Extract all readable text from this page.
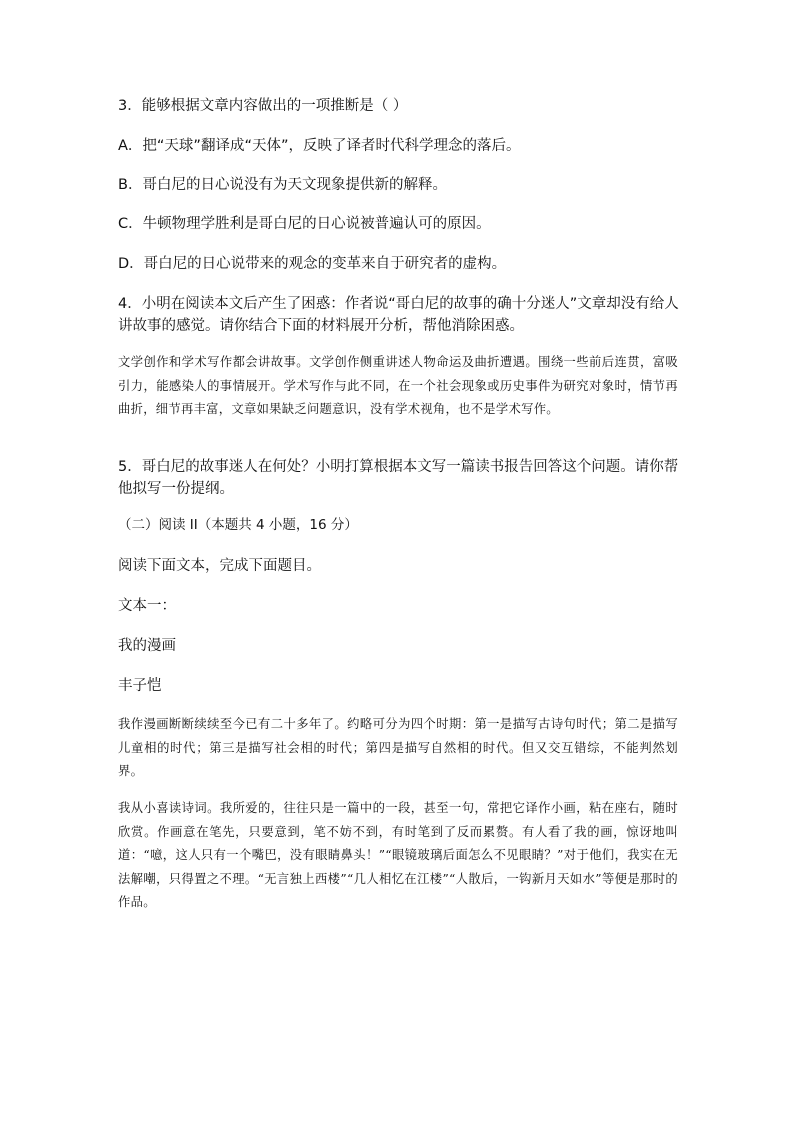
3．能够根据文章内容做出的一项推断是（ ）
A．把“天球”翻译成“天体”，反映了译者时代科学理念的落后。
B．哥白尼的日心说没有为天文现象提供新的解释。
C．牛顿物理学胜利是哥白尼的日心说被普遍认可的原因。
D．哥白尼的日心说带来的观念的变革来自于研究者的虚构。

4．小明在阅读本文后产生了困惑：作者说“哥白尼的故事的确十分迷人”文章却没有给人讲故事的感觉。请你结合下面的材料展开分析，帮他消除困惑。

文学创作和学术写作都会讲故事。文学创作侧重讲述人物命运及曲折遭遇。围绕一些前后连贯，富吸引力，能感染人的事情展开。学术写作与此不同，在一个社会现象或历史事件为研究对象时，情节再曲折，细节再丰富，文章如果缺乏问题意识，没有学术视角，也不是学术写作。

5．哥白尼的故事迷人在何处？小明打算根据本文写一篇读书报告回答这个问题。请你帮他拟写一份提纲。

（二）阅读 II（本题共 4 小题，16 分）
阅读下面文本，完成下面题目。
文本一：
我的漫画
丰子恺

我作漫画断断续续至今已有二十多年了。约略可分为四个时期：第一是描写古诗句时代；第二是描写儿童相的时代；第三是描写社会相的时代；第四是描写自然相的时代。但又交互错综，不能判然划界。

我从小喜读诗词。我所爱的，往往只是一篇中的一段，甚至一句，常把它译作小画，粘在座右，随时欣赏。作画意在笔先，只要意到，笔不妨不到，有时笔到了反而累赘。有人看了我的画，惊讶地叫道：“噫，这人只有一个嘴巴，没有眼睛鼻头！”“眼镜玻璃后面怎么不见眼睛？”对于他们，我实在无法解嘲，只得置之不理。“无言独上西楼”“几人相忆在江楼”“人散后，一钩新月天如水”等便是那时的作品。
